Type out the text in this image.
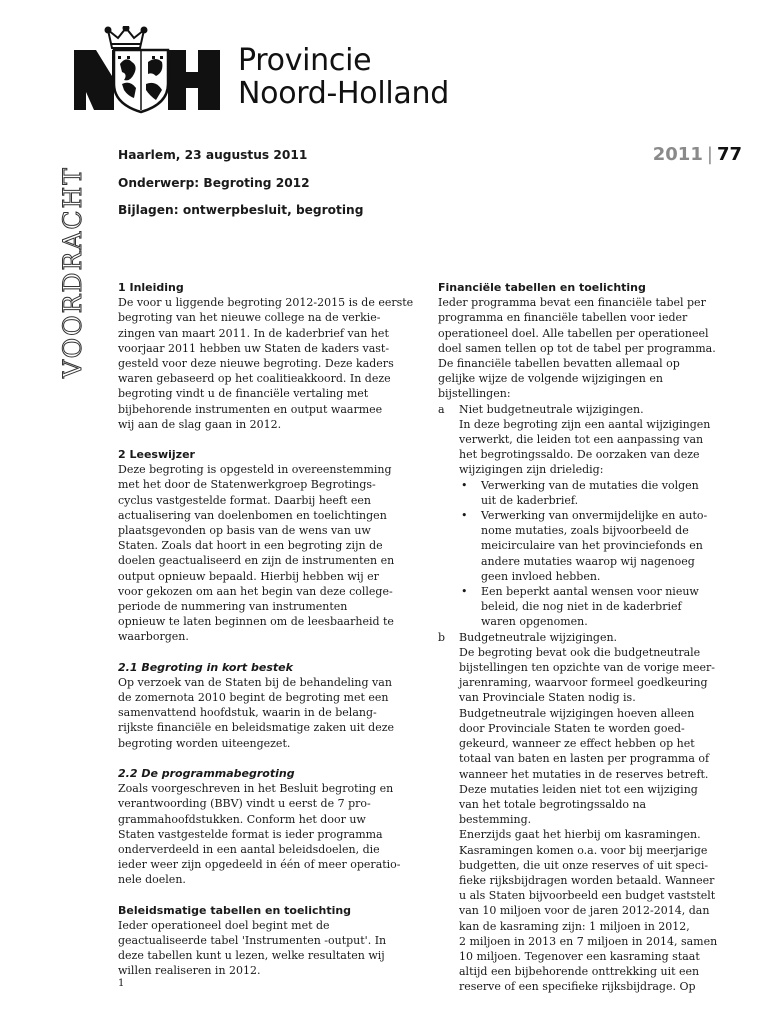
Provincie
Noord-Holland
VOORDRACHT
2011 | 77
Haarlem, 23 augustus 2011
Onderwerp: Begroting 2012
Bijlagen: ontwerpbesluit, begroting
1 Inleiding
De voor u liggende begroting 2012-2015 is de eerste
begroting van het nieuwe college na de verkie-
zingen van maart 2011. In de kaderbrief van het
voorjaar 2011 hebben uw Staten de kaders vast-
gesteld voor deze nieuwe begroting. Deze kaders
waren gebaseerd op het coalitieakkoord. In deze
begroting vindt u de financiële vertaling met
bijbehorende instrumenten en output waarmee
wij aan de slag gaan in 2012.
2 Leeswijzer
Deze begroting is opgesteld in overeenstemming
met het door de Statenwerkgroep Begrotings-
cyclus vastgestelde format. Daarbij heeft een
actualisering van doelenbomen en toelichtingen
plaatsgevonden op basis van de wens van uw
Staten. Zoals dat hoort in een begroting zijn de
doelen geactualiseerd en zijn de instrumenten en
output opnieuw bepaald. Hierbij hebben wij er
voor gekozen om aan het begin van deze college-
periode de nummering van instrumenten
opnieuw te laten beginnen om de leesbaarheid te
waarborgen.
2.1 Begroting in kort bestek
Op verzoek van de Staten bij de behandeling van
de zomernota 2010 begint de begroting met een
samenvattend hoofdstuk, waarin in de belang-
rijkste financiële en beleidsmatige zaken uit deze
begroting worden uiteengezet.
2.2 De programmabegroting
Zoals voorgeschreven in het Besluit begroting en
verantwoording (BBV) vindt u eerst de 7 pro-
grammahoofdstukken. Conform het door uw
Staten vastgestelde format is ieder programma
onderverdeeld in een aantal beleidsdoelen, die
ieder weer zijn opgedeeld in één of meer operatio-
nele doelen.
Beleidsmatige tabellen en toelichting
Ieder operationeel doel begint met de
geactualiseerde tabel 'Instrumenten -output'. In
deze tabellen kunt u lezen, welke resultaten wij
willen realiseren in 2012.
Financiële tabellen en toelichting
Ieder programma bevat een financiële tabel per
programma en financiële tabellen voor ieder
operationeel doel. Alle tabellen per operationeel
doel samen tellen op tot de tabel per programma.
De financiële tabellen bevatten allemaal op
gelijke wijze de volgende wijzigingen en
bijstellingen:
a Niet budgetneutrale wijzigingen.
In deze begroting zijn een aantal wijzigingen
verwerkt, die leiden tot een aanpassing van
het begrotingssaldo. De oorzaken van deze
wijzigingen zijn drieledig:
• Verwerking van de mutaties die volgen
uit de kaderbrief.
• Verwerking van onvermijdelijke en auto-
nome mutaties, zoals bijvoorbeeld de
meicirculaire van het provinciefonds en
andere mutaties waarop wij nagenoeg
geen invloed hebben.
• Een beperkt aantal wensen voor nieuw
beleid, die nog niet in de kaderbrief
waren opgenomen.
b Budgetneutrale wijzigingen.
De begroting bevat ook die budgetneutrale
bijstellingen ten opzichte van de vorige meer-
jarenraming, waarvoor formeel goedkeuring
van Provinciale Staten nodig is.
Budgetneutrale wijzigingen hoeven alleen
door Provinciale Staten te worden goed-
gekeurd, wanneer ze effect hebben op het
totaal van baten en lasten per programma of
wanneer het mutaties in de reserves betreft.
Deze mutaties leiden niet tot een wijziging
van het totale begrotingssaldo na
bestemming.
Enerzijds gaat het hierbij om kasramingen.
Kasramingen komen o.a. voor bij meerjarige
budgetten, die uit onze reserves of uit speci-
fieke rijksbijdragen worden betaald. Wanneer
u als Staten bijvoorbeeld een budget vaststelt
van 10 miljoen voor de jaren 2012-2014, dan
kan de kasraming zijn: 1 miljoen in 2012,
2 miljoen in 2013 en 7 miljoen in 2014, samen
10 miljoen. Tegenover een kasraming staat
altijd een bijbehorende onttrekking uit een
reserve of een specifieke rijksbijdrage. Op
1
